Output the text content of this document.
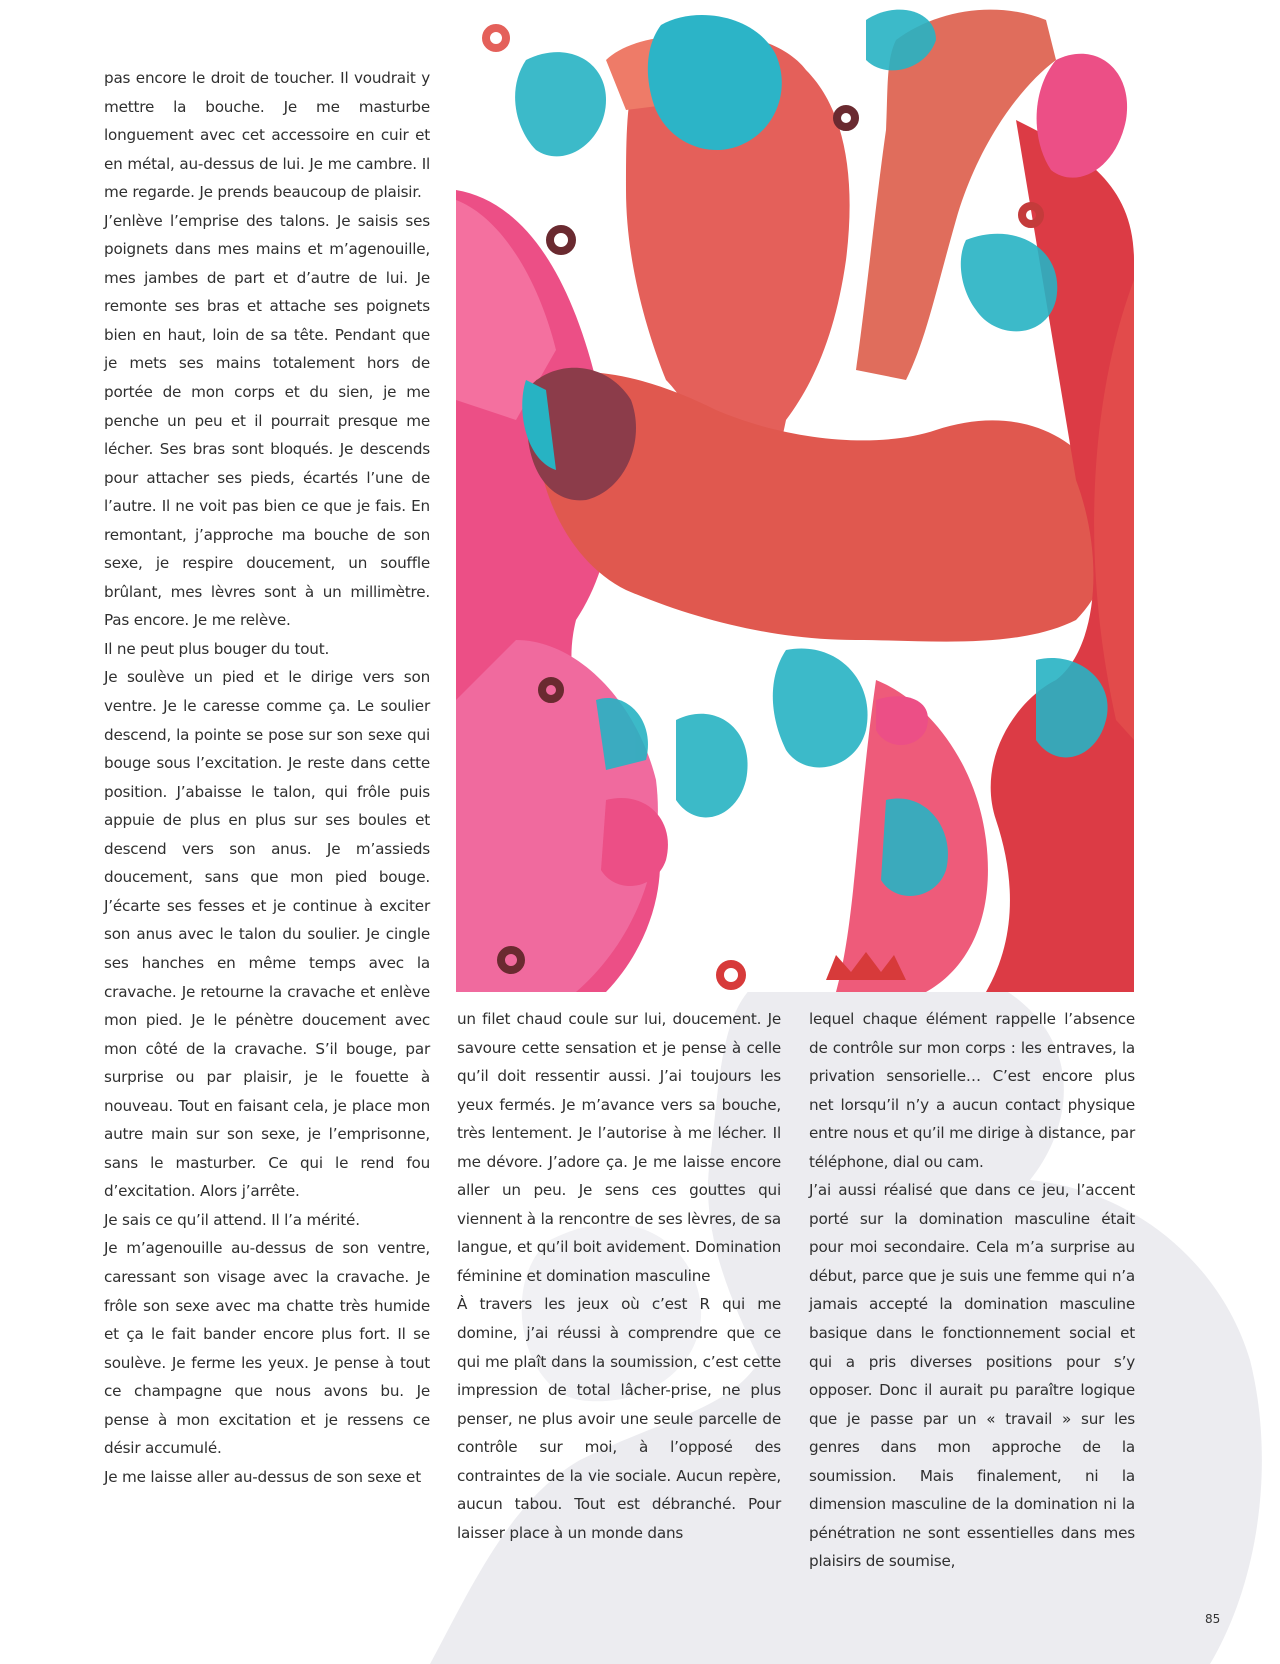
pas encore le droit de toucher. Il voudrait y mettre la bouche. Je me masturbe longuement avec cet accessoire en cuir et en métal, au-dessus de lui. Je me cambre. Il me regarde. Je prends beaucoup de plaisir.

J’enlève l’emprise des talons. Je saisis ses poignets dans mes mains et m’agenouille, mes jambes de part et d’autre de lui. Je remonte ses bras et attache ses poignets bien en haut, loin de sa tête. Pendant que je mets ses mains totalement hors de portée de mon corps et du sien, je me penche un peu et il pourrait presque me lécher. Ses bras sont bloqués. Je descends pour attacher ses pieds, écartés l’une de l’autre. Il ne voit pas bien ce que je fais. En remontant, j’approche ma bouche de son sexe, je respire doucement, un souffle brûlant, mes lèvres sont à un millimètre. Pas encore. Je me relève.

Il ne peut plus bouger du tout.

Je soulève un pied et le dirige vers son ventre. Je le caresse comme ça. Le soulier descend, la pointe se pose sur son sexe qui bouge sous l’excitation. Je reste dans cette position. J’abaisse le talon, qui frôle puis appuie de plus en plus sur ses boules et descend vers son anus. Je m’assieds doucement, sans que mon pied bouge. J’écarte ses fesses et je continue à exciter son anus avec le talon du soulier. Je cingle ses hanches en même temps avec la cravache. Je retourne la cravache et enlève mon pied. Je le pénètre doucement avec mon côté de la cravache. S’il bouge, par surprise ou par plaisir, je le fouette à nouveau. Tout en faisant cela, je place mon autre main sur son sexe, je l’emprisonne, sans le masturber. Ce qui le rend fou d’excitation. Alors j’arrête.

Je sais ce qu’il attend. Il l’a mérité.

Je m’agenouille au-dessus de son ventre, caressant son visage avec la cravache. Je frôle son sexe avec ma chatte très humide et ça le fait bander encore plus fort. Il se soulève. Je ferme les yeux. Je pense à tout ce champagne que nous avons bu. Je pense à mon excitation et je ressens ce désir accumulé.

Je me laisse aller au-dessus de son sexe et

un filet chaud coule sur lui, doucement. Je savoure cette sensation et je pense à celle qu’il doit ressentir aussi. J’ai toujours les yeux fermés. Je m’avance vers sa bouche, très lentement. Je l’autorise à me lécher. Il me dévore. J’adore ça. Je me laisse encore aller un peu. Je sens ces gouttes qui viennent à la rencontre de ses lèvres, de sa langue, et qu’il boit avidement. Domination féminine et domination masculine

À travers les jeux où c’est R qui me domine, j’ai réussi à comprendre que ce qui me plaît dans la soumission, c’est cette impression de total lâcher-prise, ne plus penser, ne plus avoir une seule parcelle de contrôle sur moi, à l’opposé des contraintes de la vie sociale. Aucun repère, aucun tabou. Tout est débranché. Pour laisser place à un monde dans

lequel chaque élément rappelle l’absence de contrôle sur mon corps : les entraves, la privation sensorielle… C’est encore plus net lorsqu’il n’y a aucun contact physique entre nous et qu’il me dirige à distance, par téléphone, dial ou cam.

J’ai aussi réalisé que dans ce jeu, l’accent porté sur la domination masculine était pour moi secondaire. Cela m’a surprise au début, parce que je suis une femme qui n’a jamais accepté la domination masculine basique dans le fonctionnement social et qui a pris diverses positions pour s’y opposer. Donc il aurait pu paraître logique que je passe par un « travail » sur les genres dans mon approche de la soumission. Mais finalement, ni la dimension masculine de la domination ni la pénétration ne sont essentielles dans mes plaisirs de soumise,

85
